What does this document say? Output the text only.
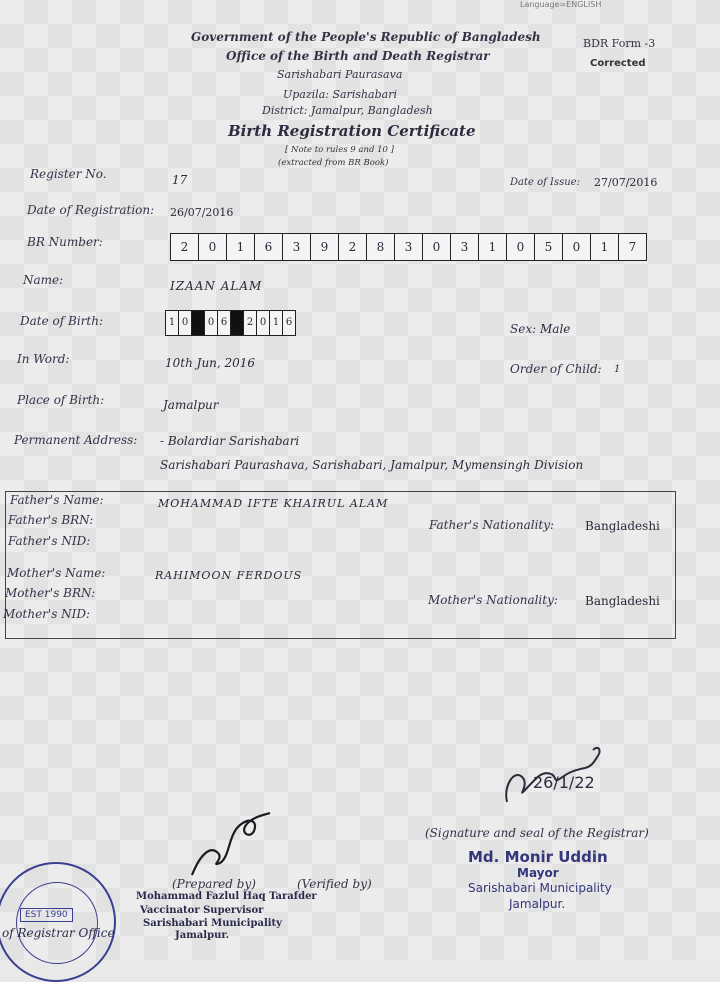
Language=ENGLISH
Government of the People's Republic of Bangladesh
Office of the Birth and Death Registrar
Sarishabari Paurasava
Upazila: Sarishabari
District: Jamalpur, Bangladesh
Birth Registration Certificate
[ Note to rules 9 and 10 ]
(extracted from BR Book)
BDR Form -3
Corrected
Register No.	17	Date of Issue: 27/07/2016
Date of Registration: 26/07/2016
BR Number:	2	0	1	6	3	9	2	8	3	0	3	1	0	5	0	1	7
Name:	IZAAN ALAM
Date of Birth:	1 0	0 6	2 0 1 6	Sex: Male
In Word:	10th Jun, 2016	Order of Child: 1
Place of Birth:	Jamalpur
Permanent Address: - Bolardiar Sarishabari
Sarishabari Paurashava, Sarishabari, Jamalpur, Mymensingh Division
Father's Name:	MOHAMMAD IFTE KHAIRUL ALAM
Father's BRN:	Father's Nationality:	Bangladeshi
Father's NID:
Mother's Name:	RAHIMOON FERDOUS
Mother's BRN:	Mother's Nationality: Bangladeshi
Mother's NID:
26/1/22
(Signature and seal of the Registrar)
Md. Monir Uddin
Mayor
Sarishabari Municipality
Jamalpur.
(Prepared by)	(Verified by)
Mohammad Fazlul Haq Tarafder
Vaccinator Supervisor
Sarishabari Municipality
Jamalpur.
EST 1990
of Registrar Office
